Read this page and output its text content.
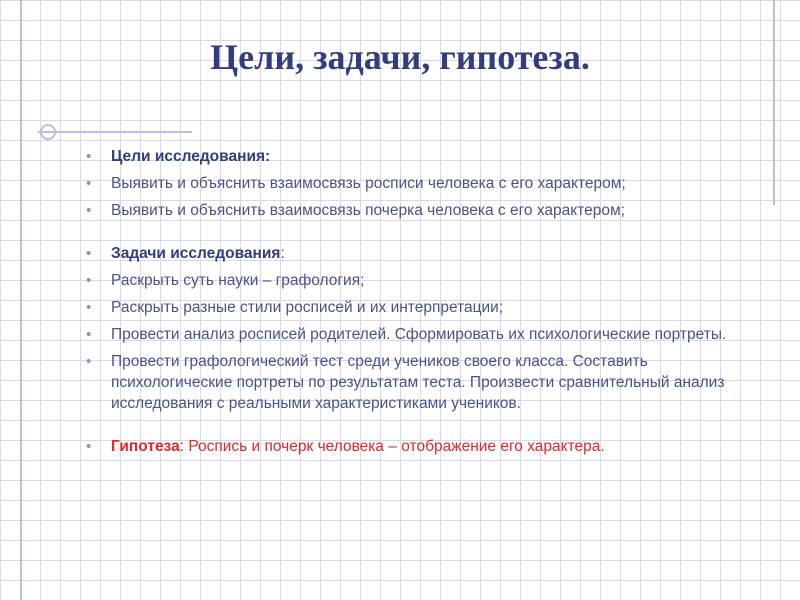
Цели, задачи, гипотеза.
• Цели исследования:
• Выявить и объяснить взаимосвязь росписи человека с его характером;
• Выявить и объяснить взаимосвязь почерка человека с его характером;
• Задачи исследования:
• Раскрыть суть науки – графология;
• Раскрыть разные стили росписей и их интерпретации;
• Провести анализ росписей родителей. Сформировать их психологические портреты.
• Провести графологический тест среди учеников своего класса. Составить психологические портреты по результатам теста. Произвести сравнительный анализ исследования с реальными характеристиками учеников.
• Гипотеза: Роспись и почерк человека – отображение его характера.
